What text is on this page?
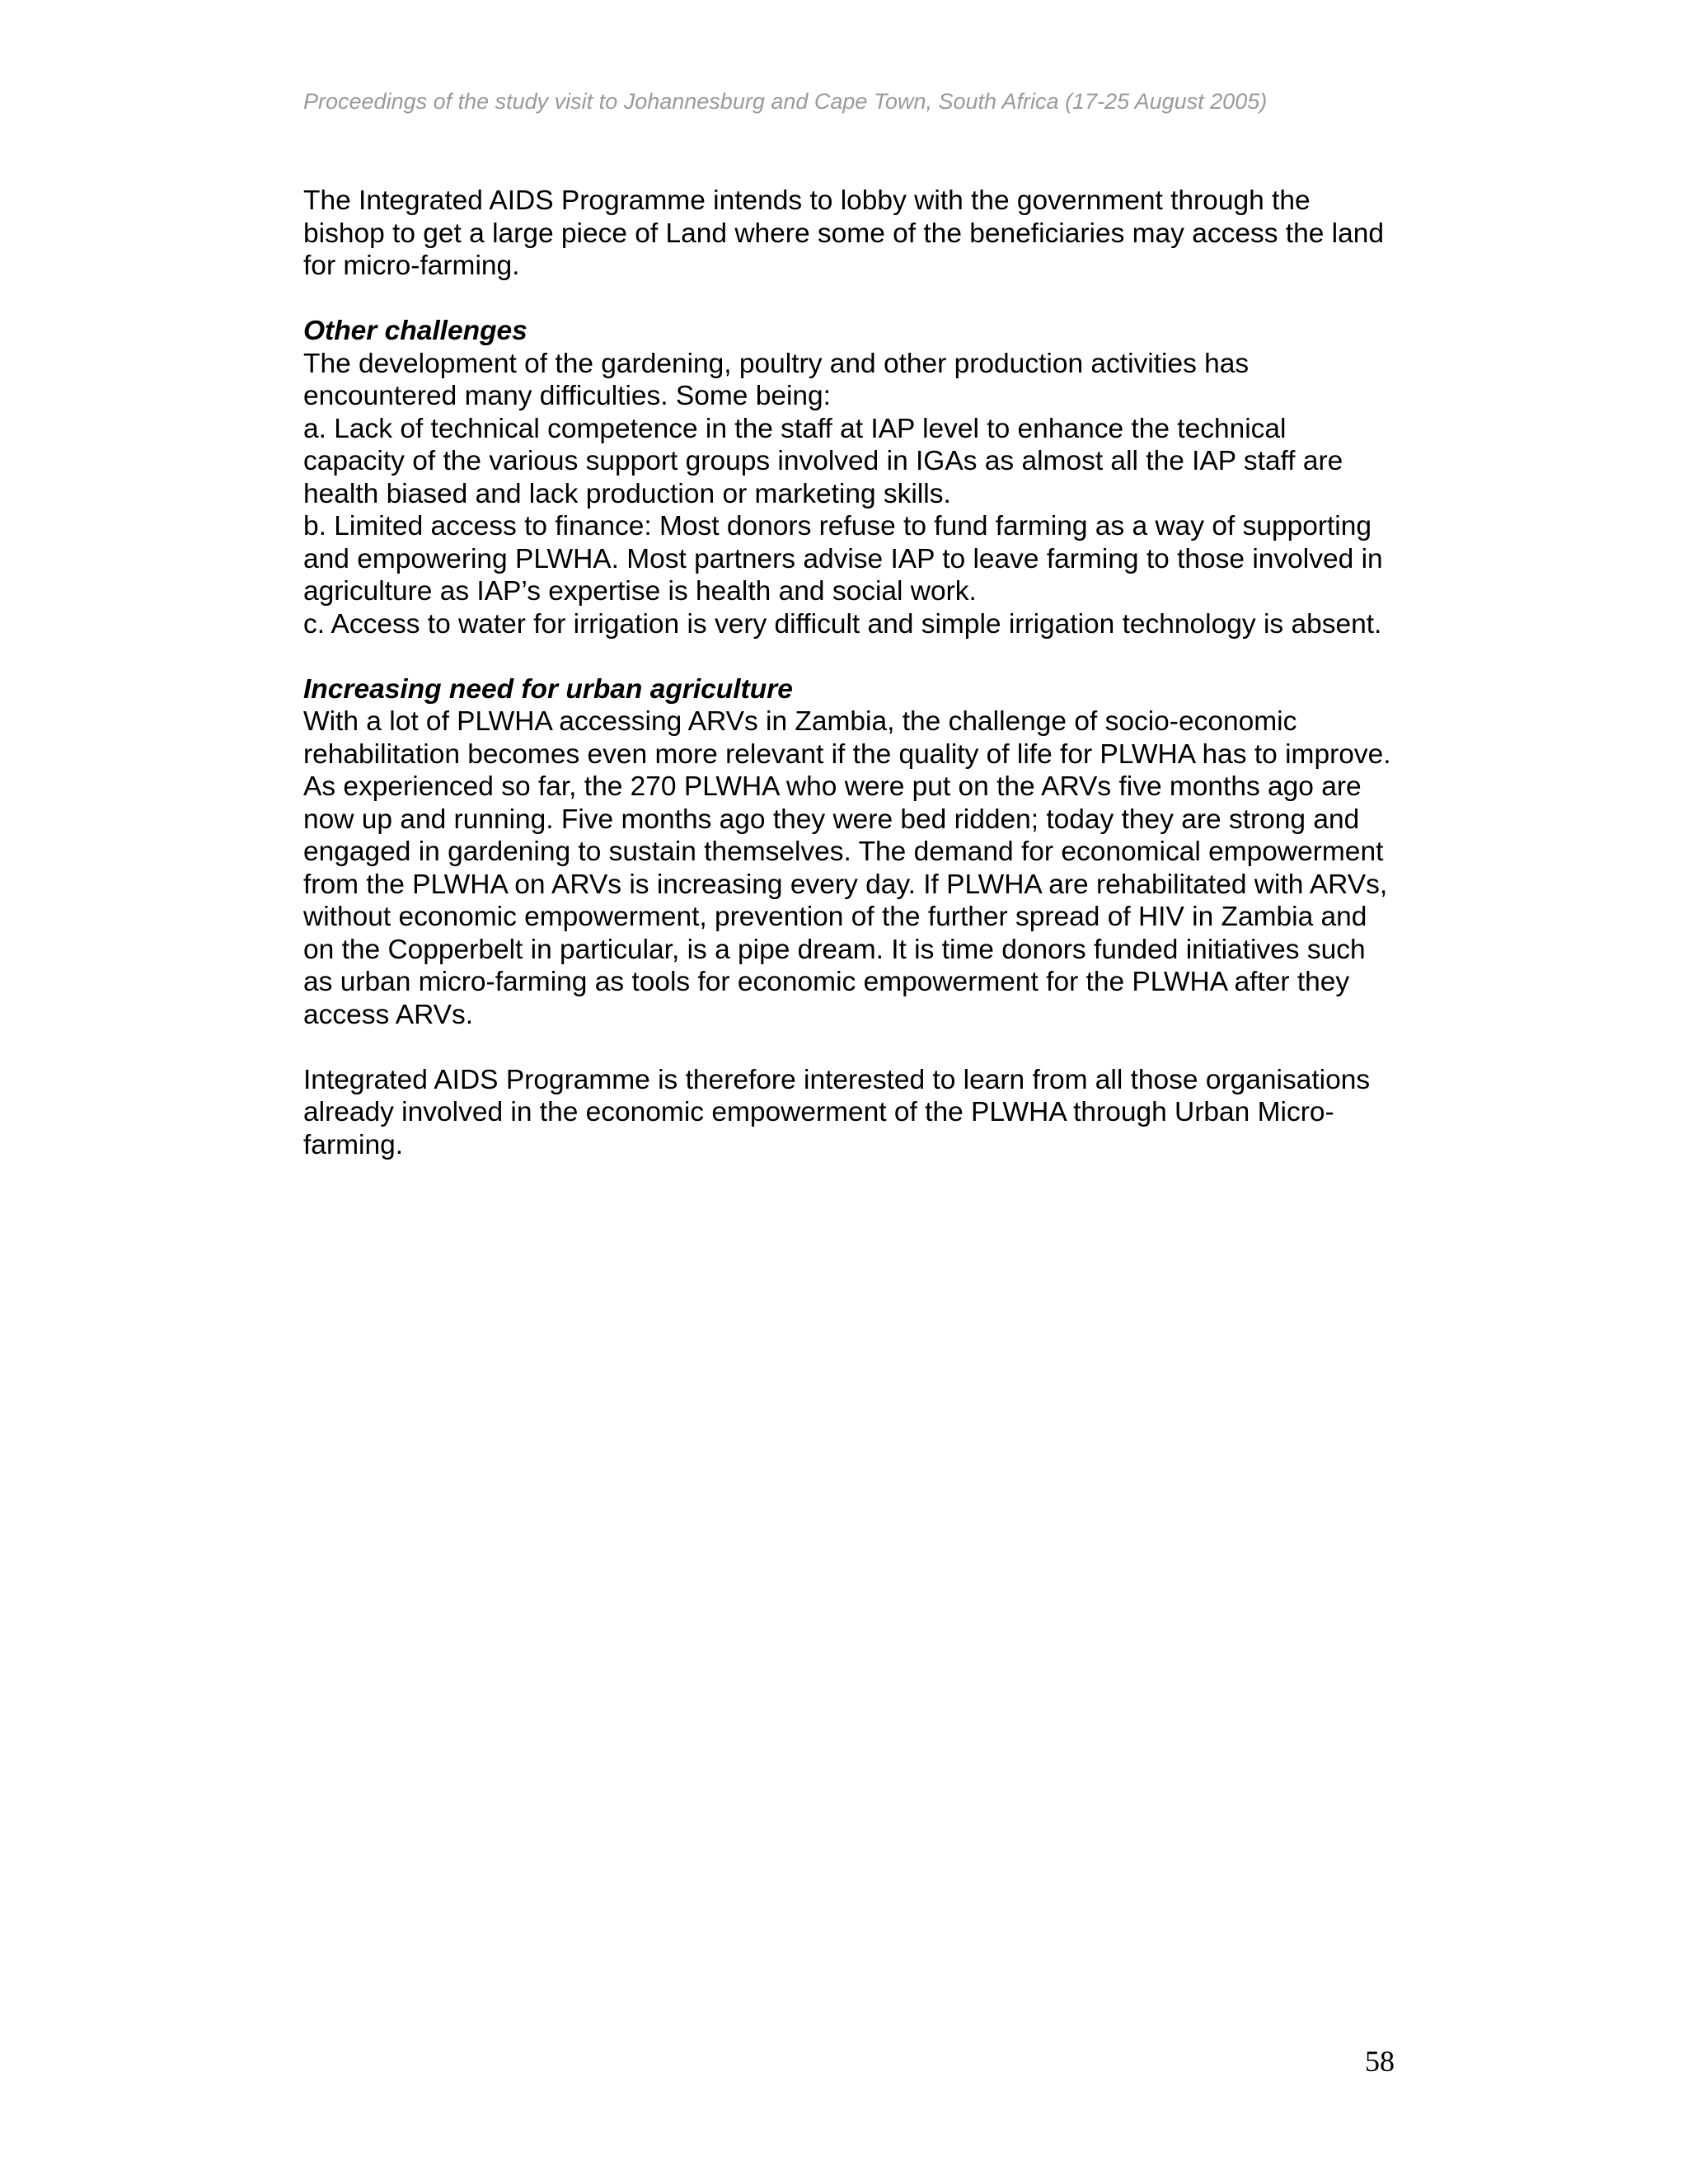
Proceedings of the study visit to Johannesburg and Cape Town, South Africa (17-25 August 2005)

The Integrated AIDS Programme intends to lobby with the government through the bishop to get a large piece of Land where some of the beneficiaries may access the land for micro-farming.

Other challenges

The development of the gardening, poultry and other production activities has encountered many difficulties. Some being:

a. Lack of technical competence in the staff at IAP level to enhance the technical capacity of the various support groups involved in IGAs as almost all the IAP staff are health biased and lack production or marketing skills.

b. Limited access to finance: Most donors refuse to fund farming as a way of supporting and empowering PLWHA. Most partners advise IAP to leave farming to those involved in agriculture as IAP’s expertise is health and social work.

c. Access to water for irrigation is very difficult and simple irrigation technology is absent.

Increasing need for urban agriculture

With a lot of PLWHA accessing ARVs in Zambia, the challenge of socio-economic rehabilitation becomes even more relevant if the quality of life for PLWHA has to improve. As experienced so far, the 270 PLWHA who were put on the ARVs five months ago are now up and running. Five months ago they were bed ridden; today they are strong and engaged in gardening to sustain themselves. The demand for economical empowerment from the PLWHA on ARVs is increasing every day. If PLWHA are rehabilitated with ARVs, without economic empowerment, prevention of the further spread of HIV in Zambia and on the Copperbelt in particular, is a pipe dream. It is time donors funded initiatives such as urban micro-farming as tools for economic empowerment for the PLWHA after they access ARVs.

Integrated AIDS Programme is therefore interested to learn from all those organisations already involved in the economic empowerment of the PLWHA through Urban Micro-farming.

58
